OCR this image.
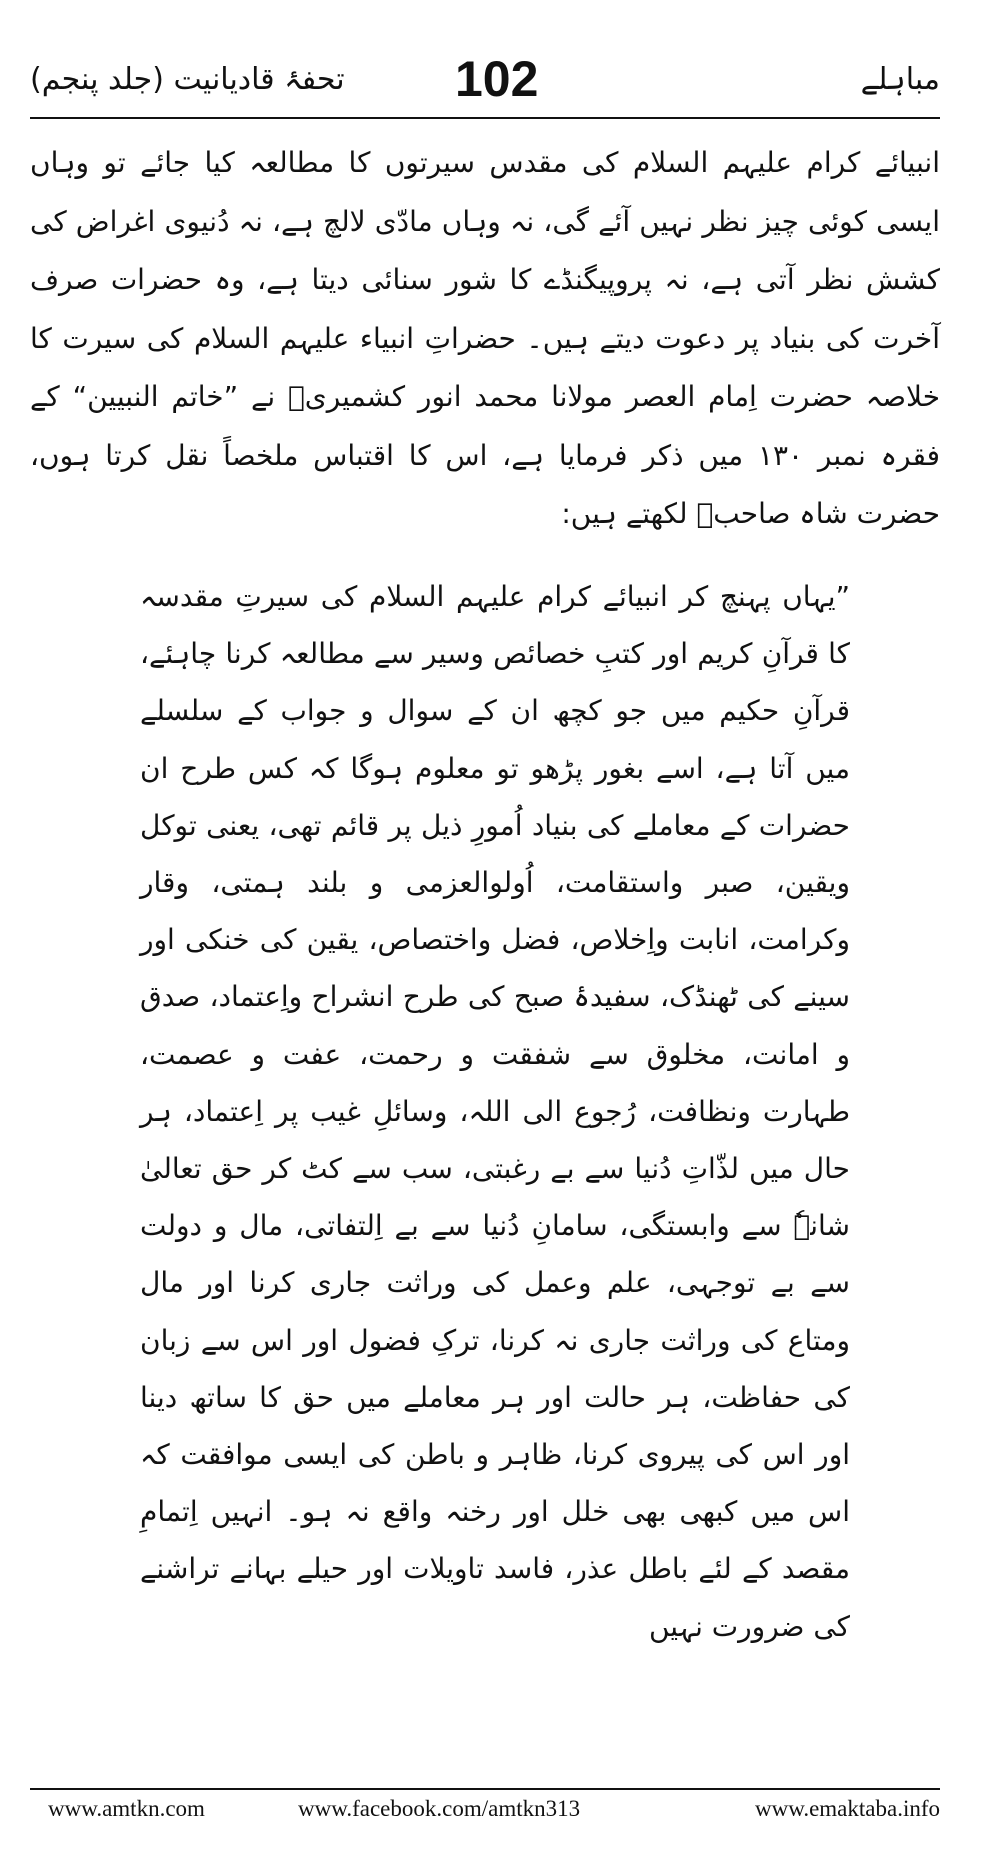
تحفۂ قادیانیت (جلد پنجم) 102	مباہلے

انبیائے کرام علیہم السلام کی مقدس سیرتوں کا مطالعہ کیا جائے تو وہاں ایسی کوئی چیز نظر نہیں آئے گی، نہ وہاں مادّی لالچ ہے، نہ دُنیوی اغراض کی کشش نظر آتی ہے، نہ پروپیگنڈے کا شور سنائی دیتا ہے، وہ حضرات صرف آخرت کی بنیاد پر دعوت دیتے ہیں۔ حضراتِ انبیاء علیہم السلام کی سیرت کا خلاصہ حضرت اِمام العصر مولانا محمد انور کشمیریؒ نے ”خاتم النبیین“ کے فقرہ نمبر ۱۳۰ میں ذکر فرمایا ہے، اس کا اقتباس ملخصاً نقل کرتا ہوں، حضرت شاہ صاحبؒ لکھتے ہیں:

”یہاں پہنچ کر انبیائے کرام علیہم السلام کی سیرتِ مقدسہ کا قرآنِ کریم اور کتبِ خصائص وسیر سے مطالعہ کرنا چاہئے، قرآنِ حکیم میں جو کچھ ان کے سوال و جواب کے سلسلے میں آتا ہے، اسے بغور پڑھو تو معلوم ہوگا کہ کس طرح ان حضرات کے معاملے کی بنیاد اُمورِ ذیل پر قائم تھی، یعنی توکل ویقین، صبر واستقامت، اُولوالعزمی و بلند ہمتی، وقار وکرامت، انابت واِخلاص، فضل واختصاص، یقین کی خنکی اور سینے کی ٹھنڈک، سفیدۂ صبح کی طرح انشراح واِعتماد، صدق و امانت، مخلوق سے شفقت و رحمت، عفت و عصمت، طہارت ونظافت، رُجوع الی اللہ، وسائلِ غیب پر اِعتماد، ہر حال میں لذّاتِ دُنیا سے بے رغبتی، سب سے کٹ کر حق تعالیٰ شانہٗ سے وابستگی، سامانِ دُنیا سے بے اِلتفاتی، مال و دولت سے بے توجہی، علم وعمل کی وراثت جاری کرنا اور مال ومتاع کی وراثت جاری نہ کرنا، ترکِ فضول اور اس سے زبان کی حفاظت، ہر حالت اور ہر معاملے میں حق کا ساتھ دینا اور اس کی پیروی کرنا، ظاہر و باطن کی ایسی موافقت کہ اس میں کبھی بھی خلل اور رخنہ واقع نہ ہو۔ انہیں اِتمامِ مقصد کے لئے باطل عذر، فاسد تاویلات اور حیلے بہانے تراشنے کی ضرورت نہیں

www.amtkn.com	www.facebook.com/amtkn313	www.emaktaba.info
